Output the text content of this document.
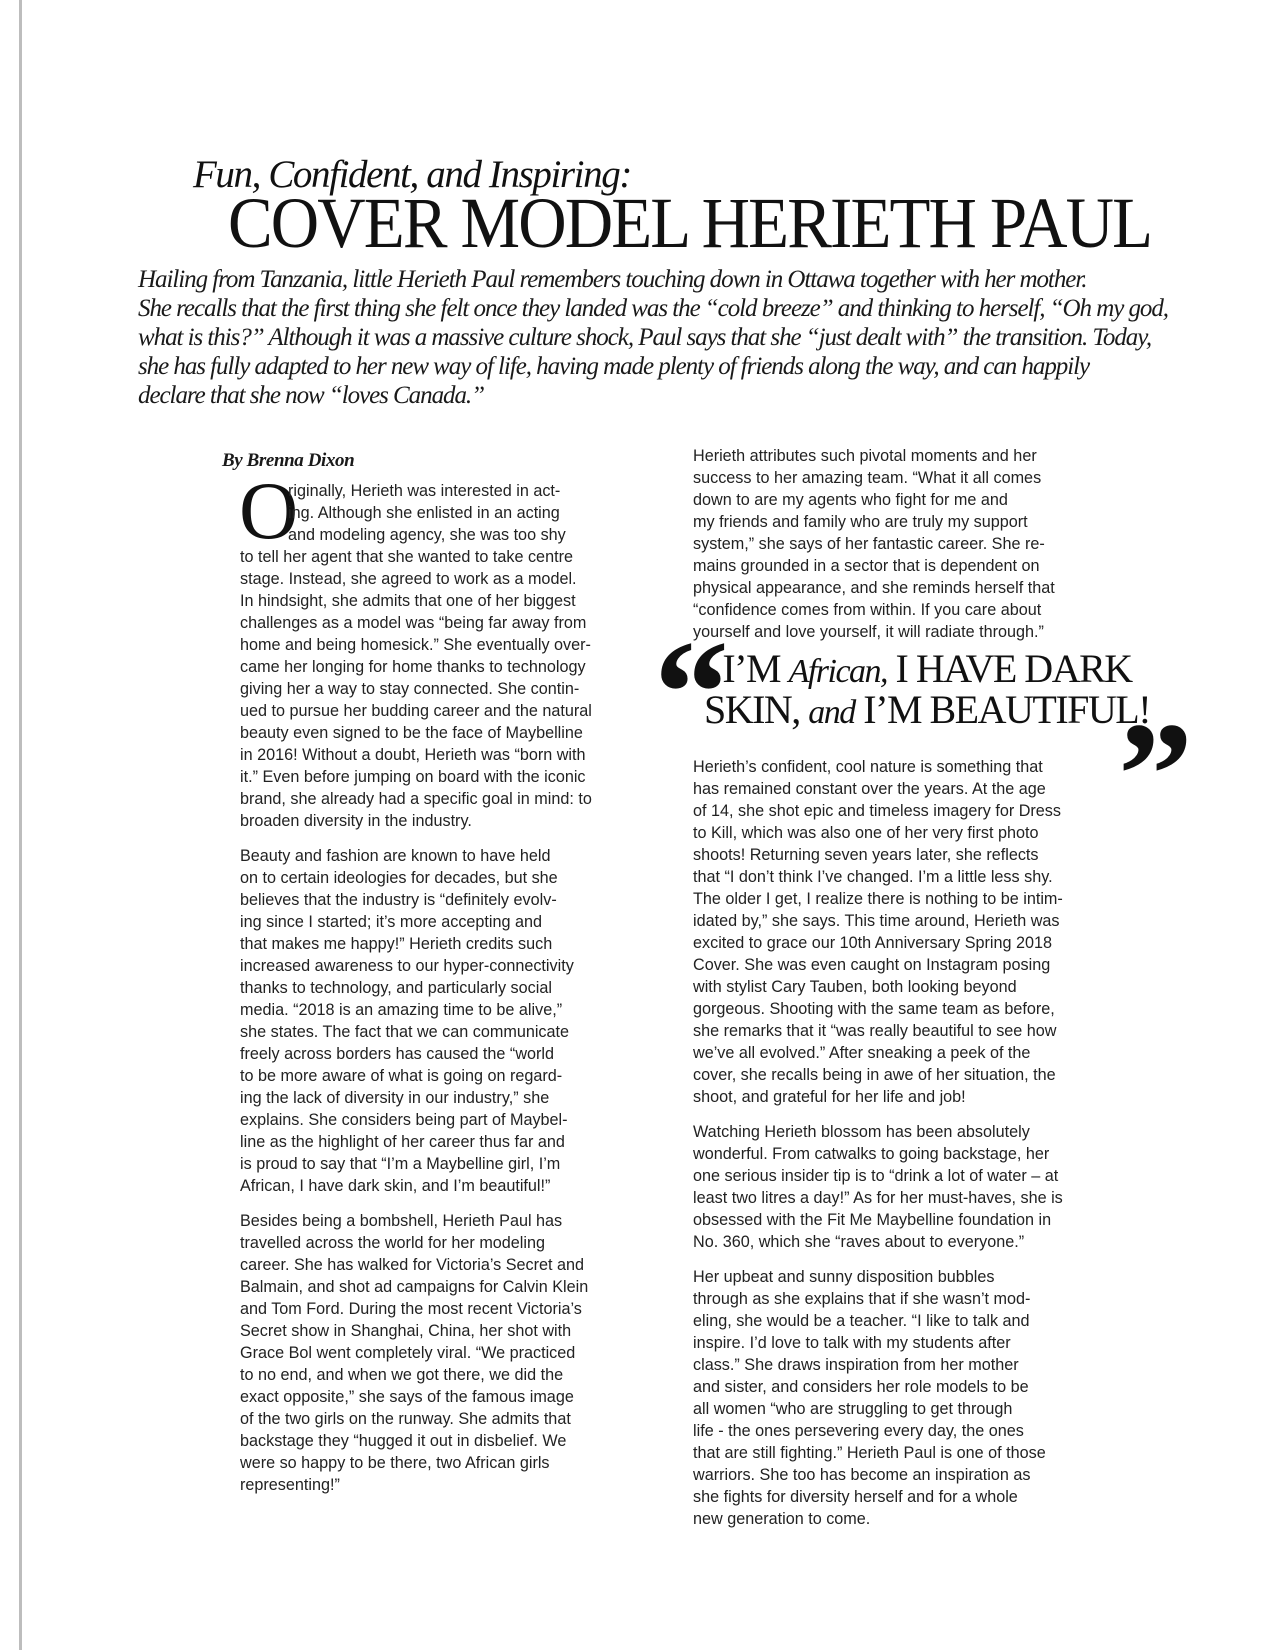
Fun, Confident, and Inspiring:
COVER MODEL HERIETH PAUL

Hailing from Tanzania, little Herieth Paul remembers touching down in Ottawa together with her mother.

She recalls that the first thing she felt once they landed was the “cold breeze” and thinking to herself, “Oh my god,

what is this?” Although it was a massive culture shock, Paul says that she “just dealt with” the transition. Today,

she has fully adapted to her new way of life, having made plenty of friends along the way, and can happily

declare that she now “loves Canada.”

By Brenna Dixon
O

riginally, Herieth was interested in act-

ing. Although she enlisted in an acting

and modeling agency, she was too shy

to tell her agent that she wanted to take centre

stage. Instead, she agreed to work as a model.

In hindsight, she admits that one of her biggest

challenges as a model was “being far away from

home and being homesick.” She eventually over-

came her longing for home thanks to technology

giving her a way to stay connected. She contin-

ued to pursue her budding career and the natural

beauty even signed to be the face of Maybelline

in 2016! Without a doubt, Herieth was “born with

it.” Even before jumping on board with the iconic

brand, she already had a specific goal in mind: to

broaden diversity in the industry.

Beauty and fashion are known to have held

on to certain ideologies for decades, but she

believes that the industry is “definitely evolv-

ing since I started; it’s more accepting and

that makes me happy!” Herieth credits such

increased awareness to our hyper-connectivity

thanks to technology, and particularly social

media. “2018 is an amazing time to be alive,”

she states. The fact that we can communicate

freely across borders has caused the “world

to be more aware of what is going on regard-

ing the lack of diversity in our industry,” she

explains. She considers being part of Maybel-

line as the highlight of her career thus far and

is proud to say that “I’m a Maybelline girl, I’m

African, I have dark skin, and I’m beautiful!”

Besides being a bombshell, Herieth Paul has

travelled across the world for her modeling

career. She has walked for Victoria’s Secret and

Balmain, and shot ad campaigns for Calvin Klein

and Tom Ford. During the most recent Victoria’s

Secret show in Shanghai, China, her shot with

Grace Bol went completely viral. “We practiced

to no end, and when we got there, we did the

exact opposite,” she says of the famous image

of the two girls on the runway. She admits that

backstage they “hugged it out in disbelief. We

were so happy to be there, two African girls

representing!”

Herieth attributes such pivotal moments and her

success to her amazing team. “What it all comes

down to are my agents who fight for me and

my friends and family who are truly my support

system,” she says of her fantastic career. She re-

mains grounded in a sector that is dependent on

physical appearance, and she reminds herself that

“confidence comes from within. If you care about

yourself and love yourself, it will radiate through.”

“
I’M African, I HAVE DARK
SKIN, and I’M BEAUTIFUL!
”

Herieth’s confident, cool nature is something that

has remained constant over the years. At the age

of 14, she shot epic and timeless imagery for Dress

to Kill, which was also one of her very first photo

shoots! Returning seven years later, she reflects

that “I don’t think I’ve changed. I’m a little less shy.

The older I get, I realize there is nothing to be intim-

idated by,” she says. This time around, Herieth was

excited to grace our 10th Anniversary Spring 2018

Cover. She was even caught on Instagram posing

with stylist Cary Tauben, both looking beyond

gorgeous. Shooting with the same team as before,

she remarks that it “was really beautiful to see how

we’ve all evolved.” After sneaking a peek of the

cover, she recalls being in awe of her situation, the

shoot, and grateful for her life and job!

Watching Herieth blossom has been absolutely

wonderful. From catwalks to going backstage, her

one serious insider tip is to “drink a lot of water – at

least two litres a day!” As for her must-haves, she is

obsessed with the Fit Me Maybelline foundation in

No. 360, which she “raves about to everyone.”

Her upbeat and sunny disposition bubbles

through as she explains that if she wasn’t mod-

eling, she would be a teacher. “I like to talk and

inspire. I’d love to talk with my students after

class.” She draws inspiration from her mother

and sister, and considers her role models to be

all women “who are struggling to get through

life - the ones persevering every day, the ones

that are still fighting.” Herieth Paul is one of those

warriors. She too has become an inspiration as

she fights for diversity herself and for a whole

new generation to come.
